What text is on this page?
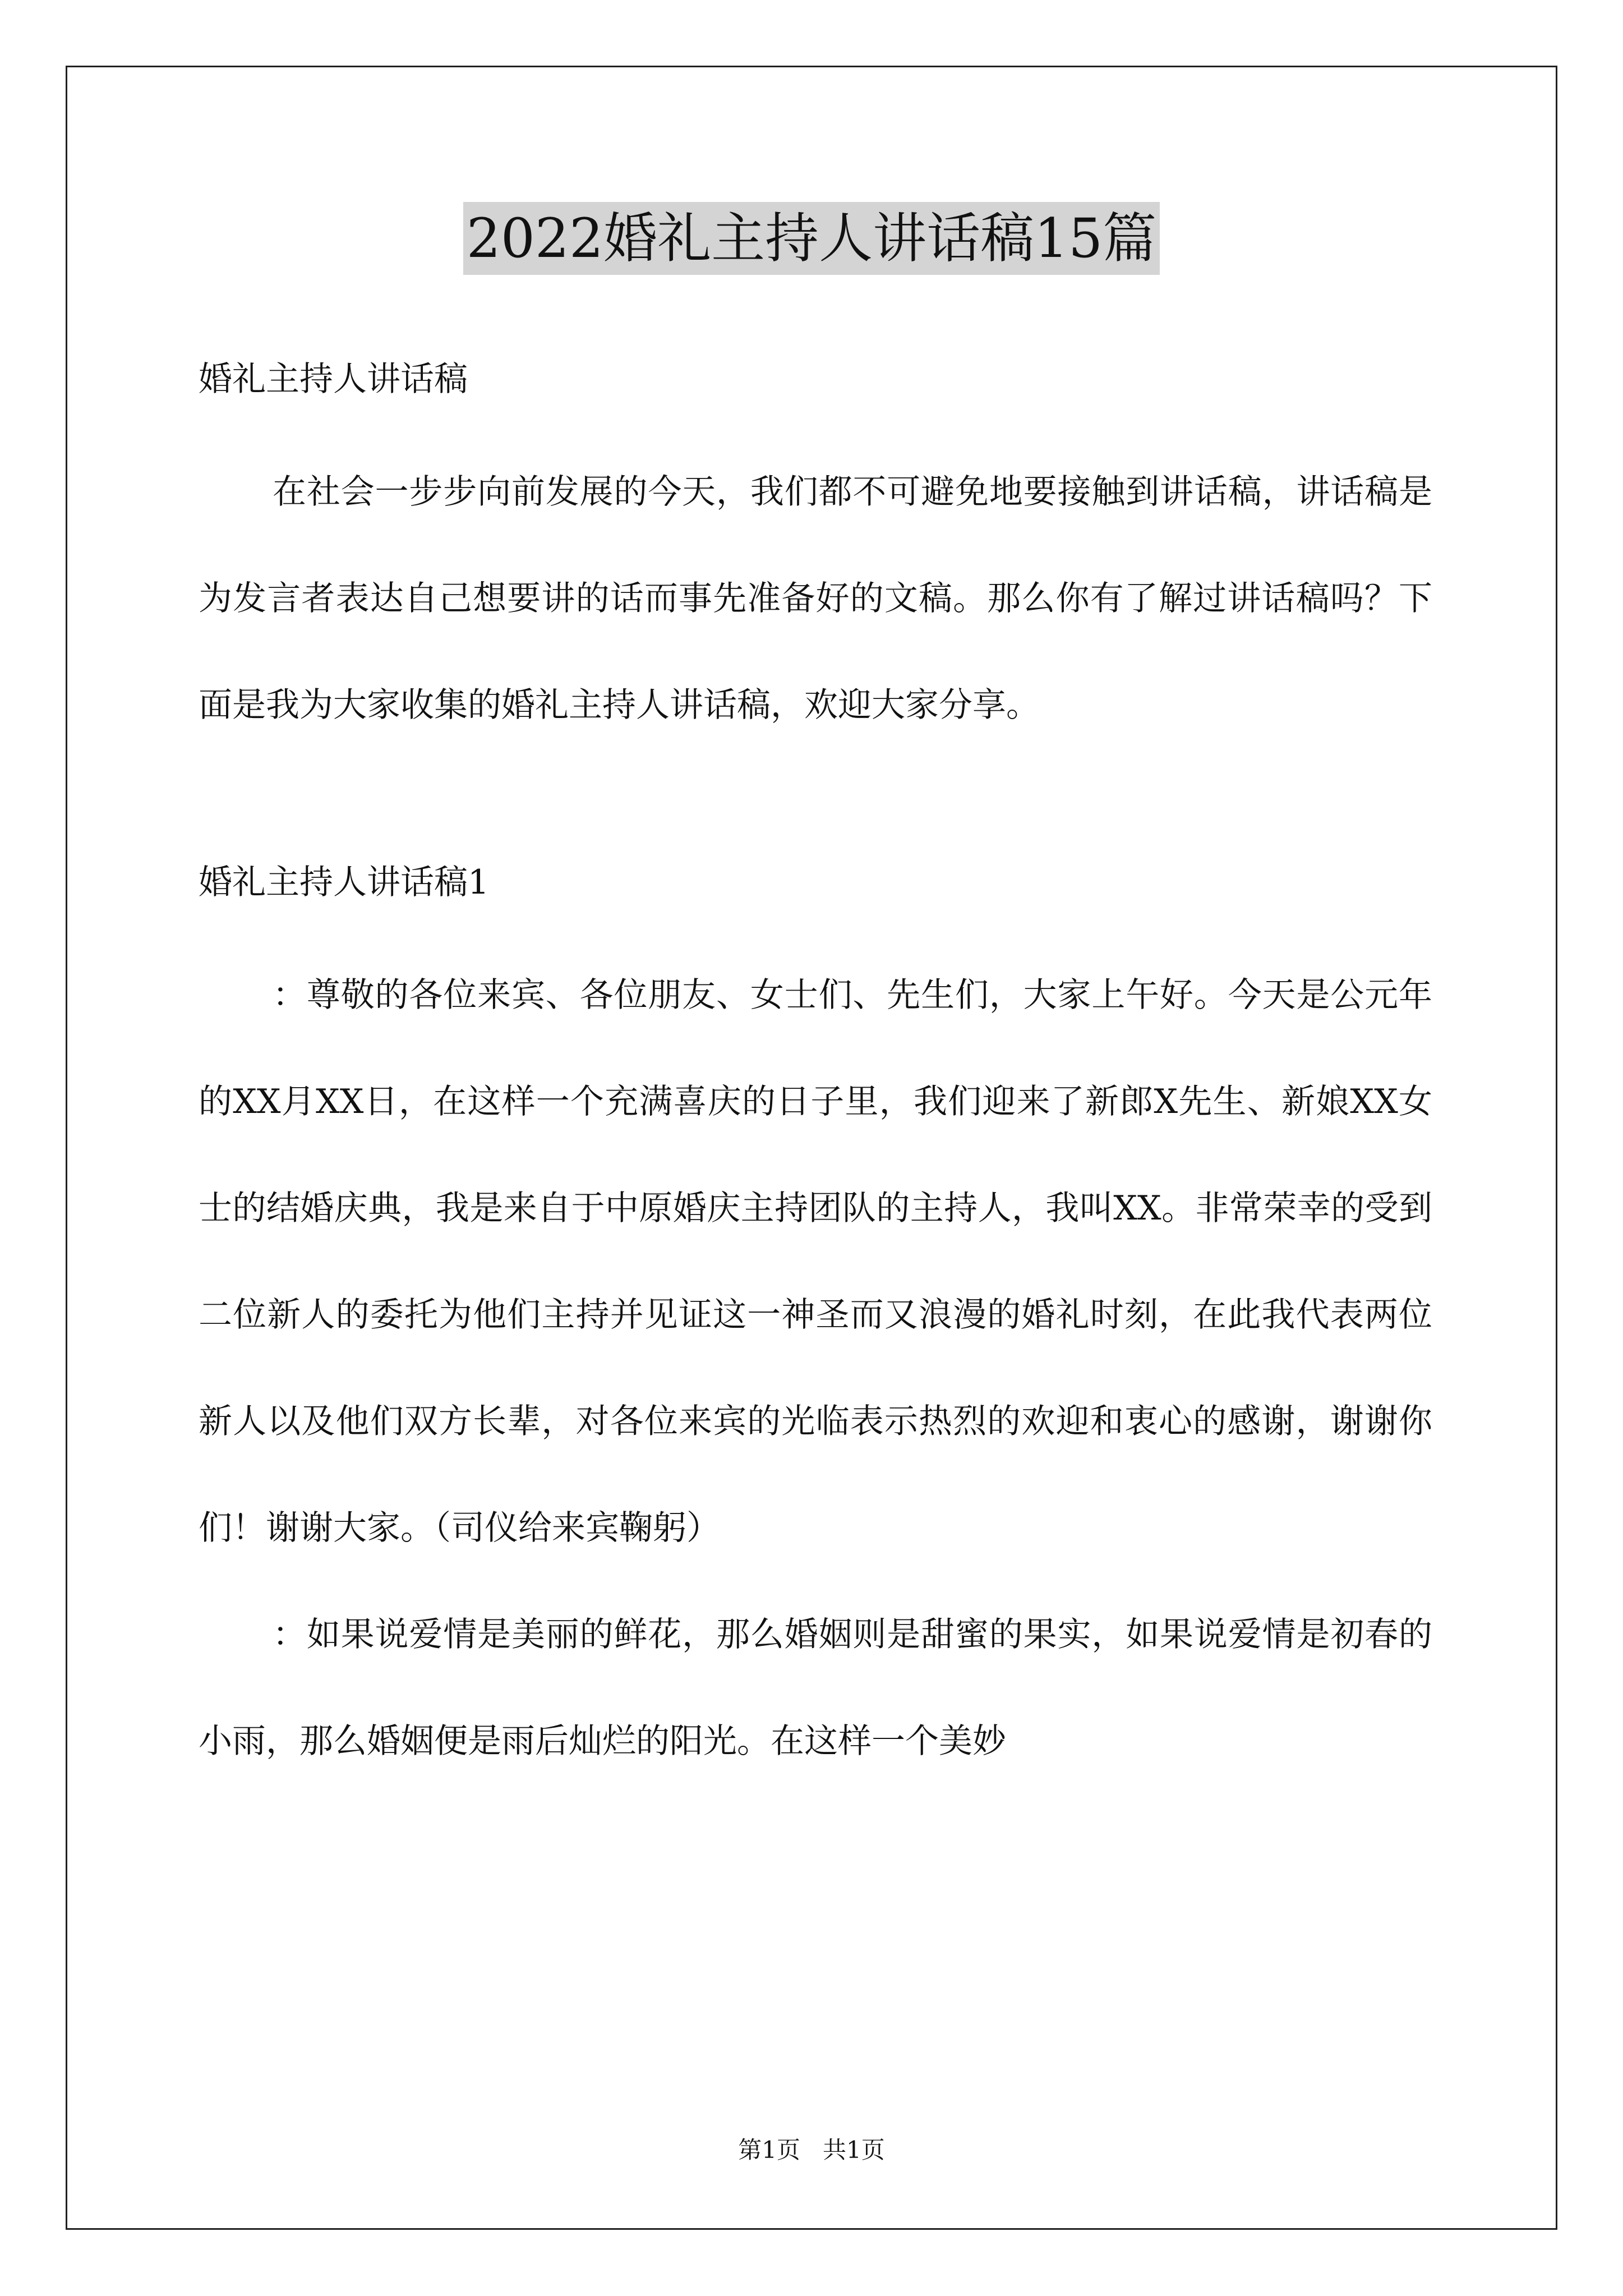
2022婚礼主持人讲话稿15篇

婚礼主持人讲话稿

在社会一步步向前发展的今天，我们都不可避免地要接触到讲话稿，讲话稿是为发言者表达自己想要讲的话而事先准备好的文稿。那么你有了解过讲话稿吗？下面是我为大家收集的婚礼主持人讲话稿，欢迎大家分享。

婚礼主持人讲话稿1

：尊敬的各位来宾、各位朋友、女士们、先生们，大家上午好。今天是公元年的XX月XX日，在这样一个充满喜庆的日子里，我们迎来了新郎X先生、新娘XX女士的结婚庆典，我是来自于中原婚庆主持团队的主持人，我叫XX。非常荣幸的受到二位新人的委托为他们主持并见证这一神圣而又浪漫的婚礼时刻，在此我代表两位新人以及他们双方长辈，对各位来宾的光临表示热烈的欢迎和衷心的感谢，谢谢你们！谢谢大家。（司仪给来宾鞠躬）

：如果说爱情是美丽的鲜花，那么婚姻则是甜蜜的果实，如果说爱情是初春的小雨，那么婚姻便是雨后灿烂的阳光。在这样一个美妙

第1页   共1页
